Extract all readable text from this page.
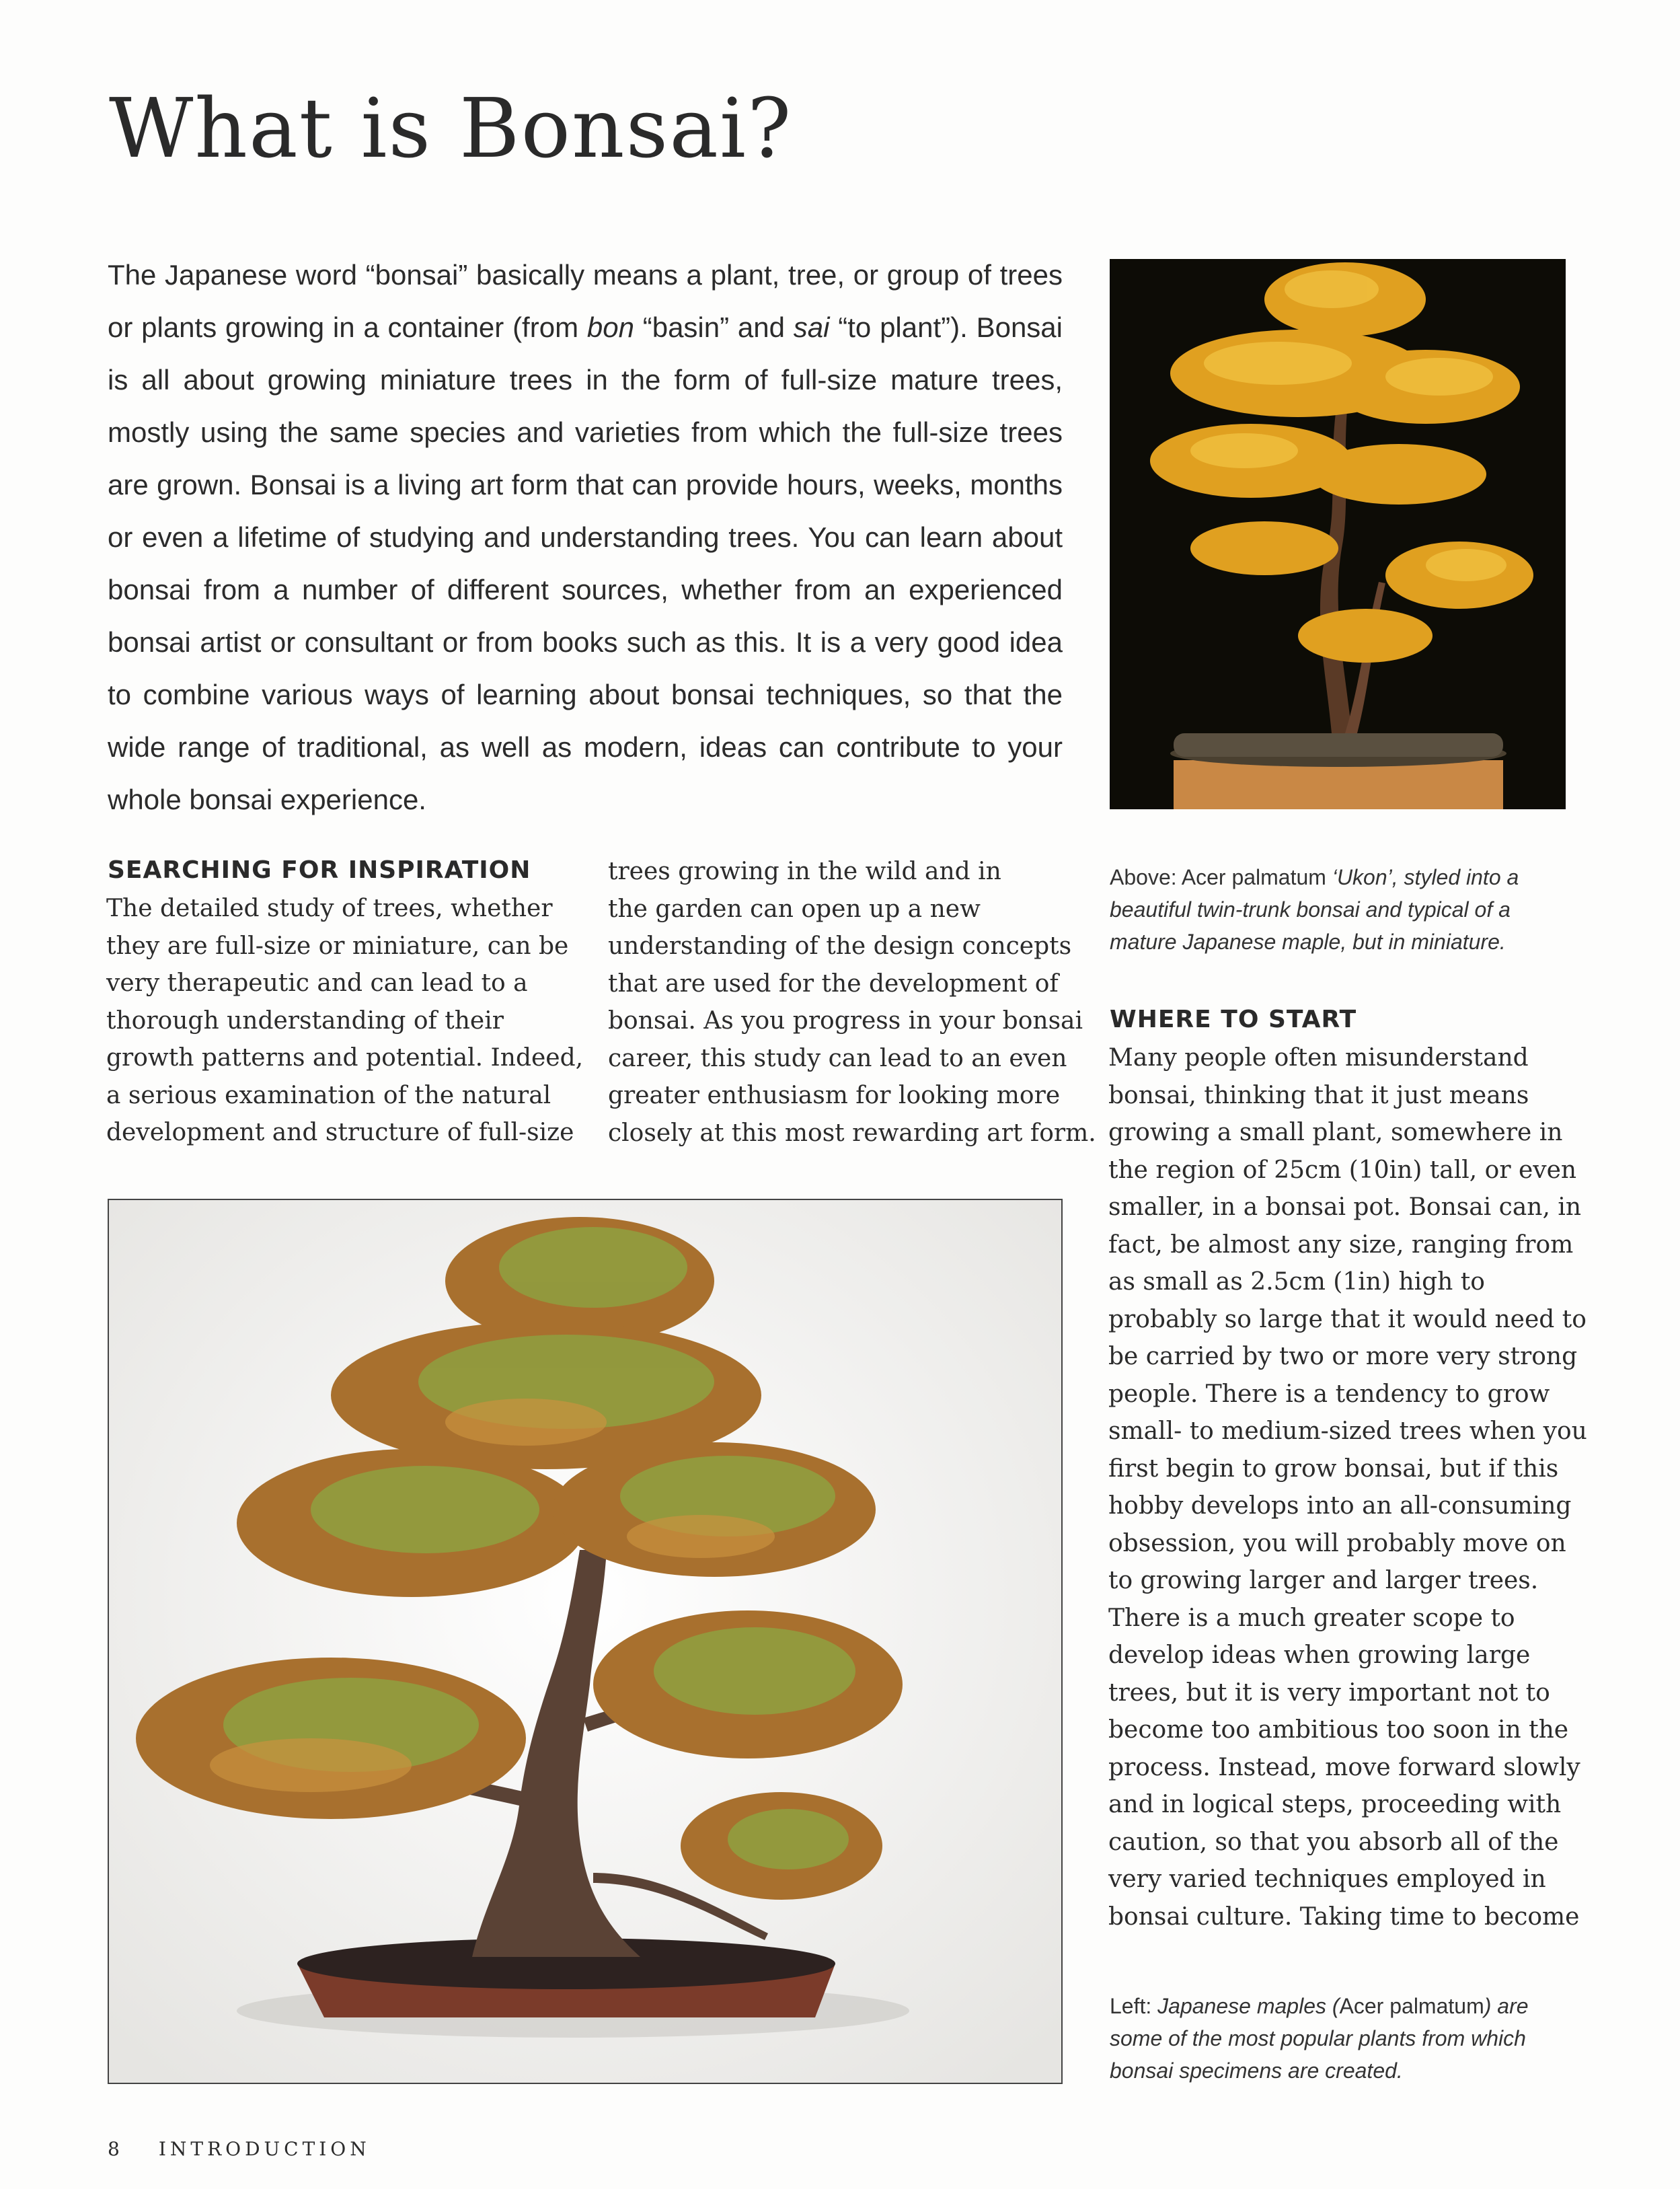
What is Bonsai?
The Japanese word “bonsai” basically means a plant, tree, or group of trees or plants growing in a container (from bon “basin” and sai “to plant”). Bonsai is all about growing miniature trees in the form of full-size mature trees, mostly using the same species and varieties from which the full-size trees are grown. Bonsai is a living art form that can provide hours, weeks, months or even a lifetime of studying and understanding trees. You can learn about bonsai from a number of different sources, whether from an experienced bonsai artist or consultant or from books such as this. It is a very good idea to combine various ways of learning about bonsai techniques, so that the wide range of traditional, as well as modern, ideas can contribute to your whole bonsai experience.
Above: Acer palmatum ‘Ukon’, styled into a
beautiful twin-trunk bonsai and typical of a
mature Japanese maple, but in miniature.
SEARCHING FOR INSPIRATION
The detailed study of trees, whether
they are full-size or miniature, can be
very therapeutic and can lead to a
thorough understanding of their
growth patterns and potential. Indeed,
a serious examination of the natural
development and structure of full-size
trees growing in the wild and in
the garden can open up a new
understanding of the design concepts
that are used for the development of
bonsai. As you progress in your bonsai
career, this study can lead to an even
greater enthusiasm for looking more
closely at this most rewarding art form.
WHERE TO START
Many people often misunderstand
bonsai, thinking that it just means
growing a small plant, somewhere in
the region of 25cm (10in) tall, or even
smaller, in a bonsai pot. Bonsai can, in
fact, be almost any size, ranging from
as small as 2.5cm (1in) high to
probably so large that it would need to
be carried by two or more very strong
people. There is a tendency to grow
small- to medium-sized trees when you
first begin to grow bonsai, but if this
hobby develops into an all-consuming
obsession, you will probably move on
to growing larger and larger trees.
There is a much greater scope to
develop ideas when growing large
trees, but it is very important not to
become too ambitious too soon in the
process. Instead, move forward slowly
and in logical steps, proceeding with
caution, so that you absorb all of the
very varied techniques employed in
bonsai culture. Taking time to become
Left: Japanese maples (Acer palmatum) are
some of the most popular plants from which
bonsai specimens are created.
8 INTRODUCTION
